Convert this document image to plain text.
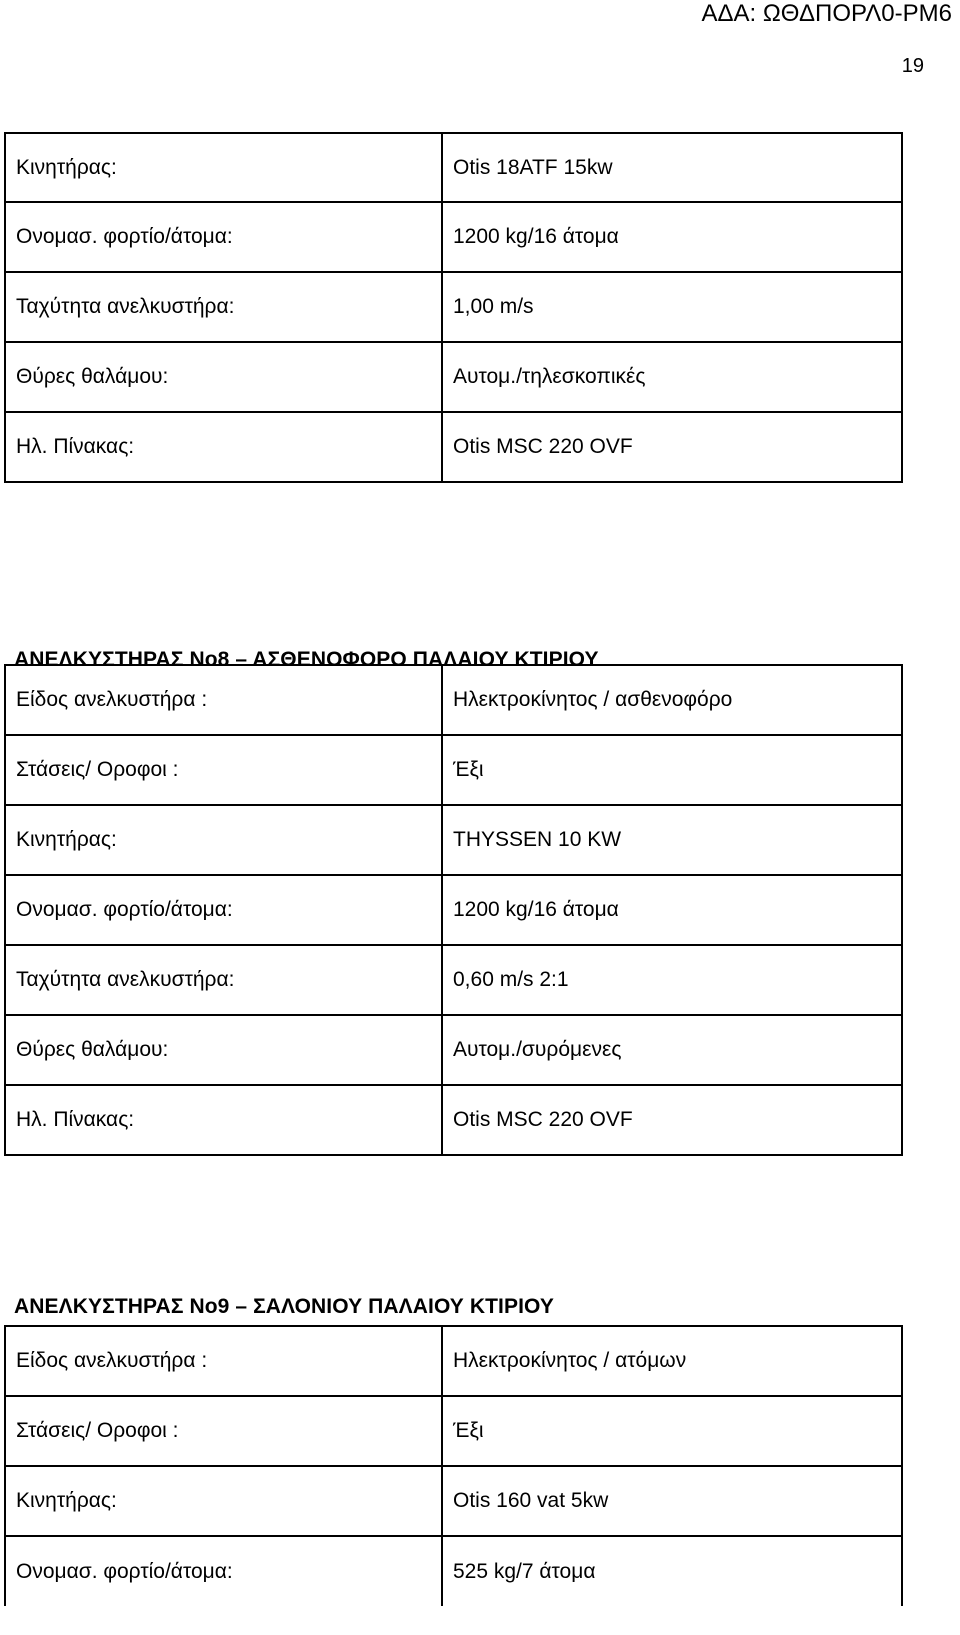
ΑΔΑ: ΩΘΔΠΟΡΛ0-ΡΜ6
19
Κινητήρας:	Otis 18ATF 15kw
Ονομασ. φορτίο/άτομα:	1200 kg/16 άτομα
Ταχύτητα ανελκυστήρα:	1,00 m/s
Θύρες θαλάμου:	Αυτομ./τηλεσκοπικές
Ηλ. Πίνακας:	Otis MSC 220 OVF
ΑΝΕΛΚΥΣΤΗΡΑΣ Νο8 – ΑΣΘΕΝΟΦΟΡΟ ΠΑΛΑΙΟΥ ΚΤΙΡΙΟΥ
Είδος ανελκυστήρα :	Ηλεκτροκίνητος / ασθενοφόρο
Στάσεις/ Οροφοι :	Έξι
Κινητήρας:	THYSSEN 10 KW
Ονομασ. φορτίο/άτομα:	1200 kg/16 άτομα
Ταχύτητα ανελκυστήρα:	0,60 m/s 2:1
Θύρες θαλάμου:	Αυτομ./συρόμενες
Ηλ. Πίνακας:	Otis MSC 220 OVF
ΑΝΕΛΚΥΣΤΗΡΑΣ Νο9 – ΣΑΛΟΝΙΟΥ ΠΑΛΑΙΟΥ ΚΤΙΡΙΟΥ
Είδος ανελκυστήρα :	Ηλεκτροκίνητος / ατόμων
Στάσεις/ Οροφοι :	Έξι
Κινητήρας:	Otis 160 vat 5kw
Ονομασ. φορτίο/άτομα:	525 kg/7 άτομα
